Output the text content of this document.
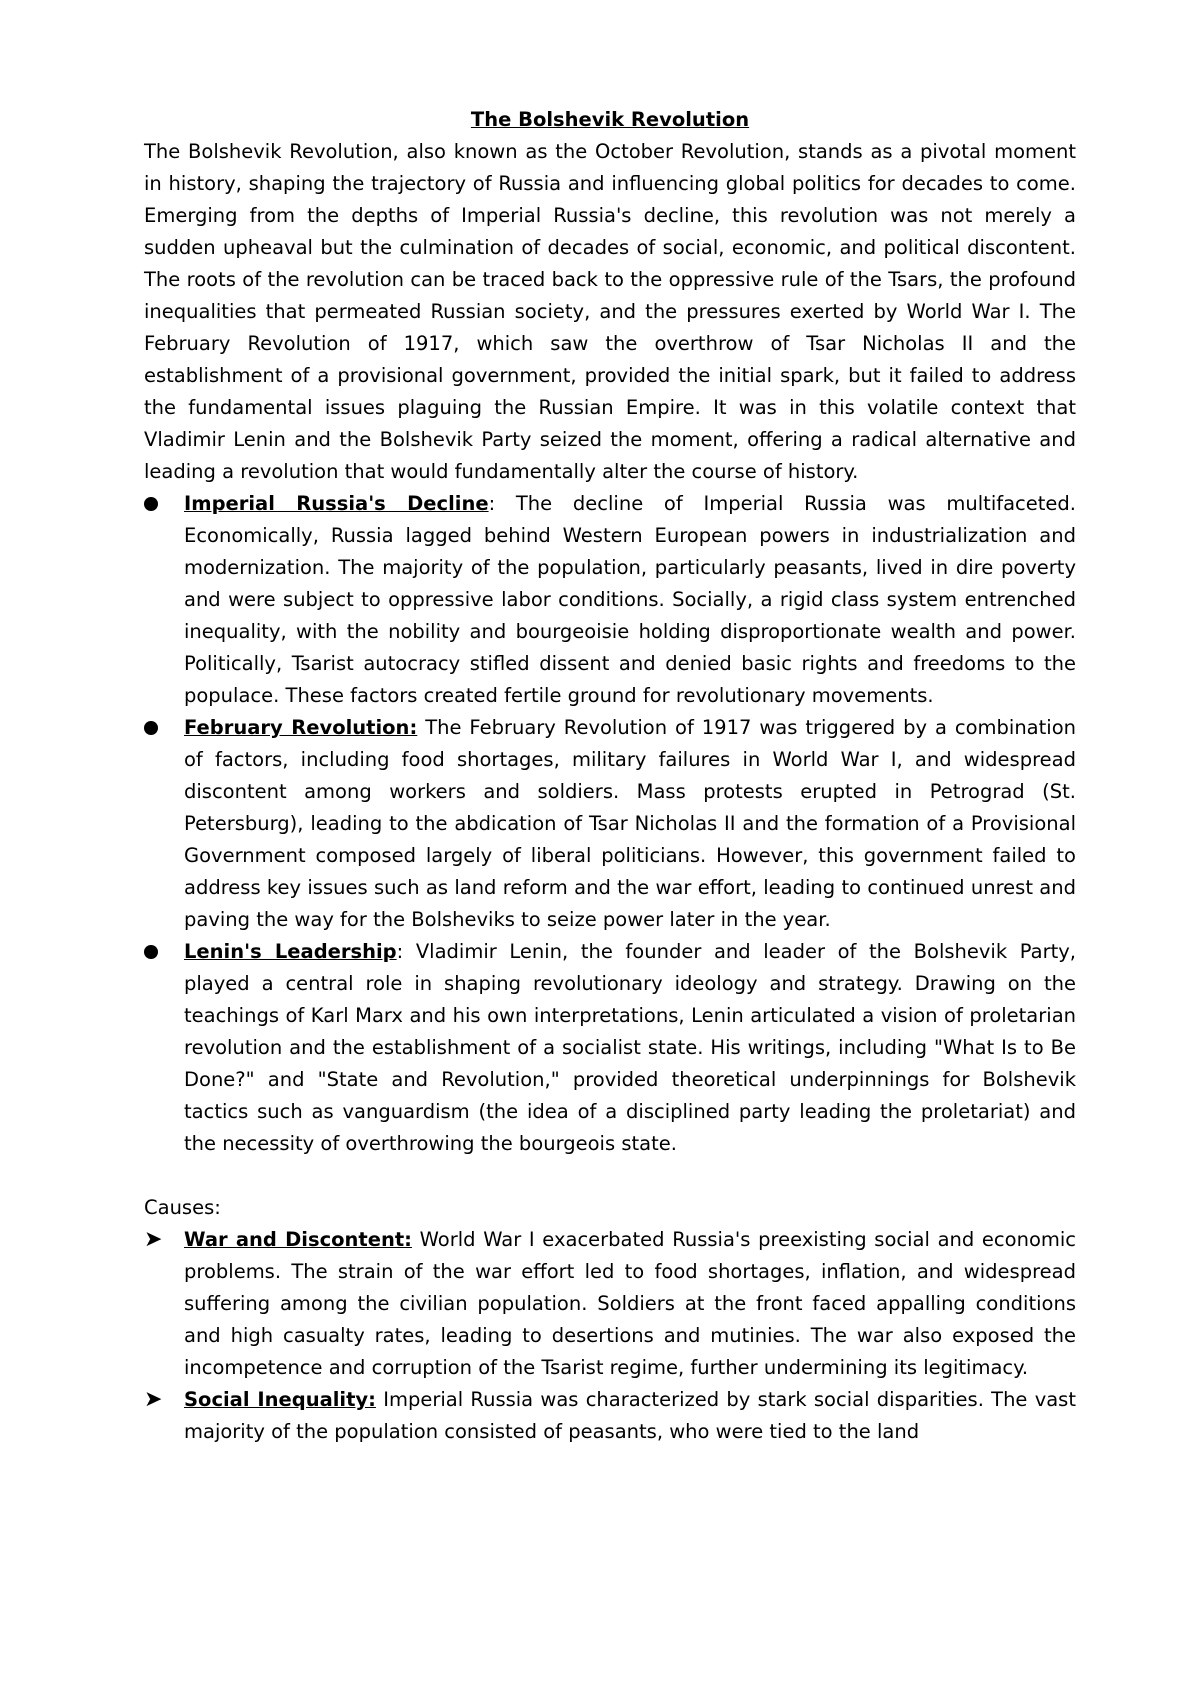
The Bolshevik Revolution

The Bolshevik Revolution, also known as the October Revolution, stands as a pivotal moment in history, shaping the trajectory of Russia and influencing global politics for decades to come. Emerging from the depths of Imperial Russia's decline, this revolution was not merely a sudden upheaval but the culmination of decades of social, economic, and political discontent. The roots of the revolution can be traced back to the oppressive rule of the Tsars, the profound inequalities that permeated Russian society, and the pressures exerted by World War I. The February Revolution of 1917, which saw the overthrow of Tsar Nicholas II and the establishment of a provisional government, provided the initial spark, but it failed to address the fundamental issues plaguing the Russian Empire. It was in this volatile context that Vladimir Lenin and the Bolshevik Party seized the moment, offering a radical alternative and leading a revolution that would fundamentally alter the course of history.

Imperial Russia's Decline: The decline of Imperial Russia was multifaceted. Economically, Russia lagged behind Western European powers in industrialization and modernization. The majority of the population, particularly peasants, lived in dire poverty and were subject to oppressive labor conditions. Socially, a rigid class system entrenched inequality, with the nobility and bourgeoisie holding disproportionate wealth and power. Politically, Tsarist autocracy stifled dissent and denied basic rights and freedoms to the populace. These factors created fertile ground for revolutionary movements.
February Revolution: The February Revolution of 1917 was triggered by a combination of factors, including food shortages, military failures in World War I, and widespread discontent among workers and soldiers. Mass protests erupted in Petrograd (St. Petersburg), leading to the abdication of Tsar Nicholas II and the formation of a Provisional Government composed largely of liberal politicians. However, this government failed to address key issues such as land reform and the war effort, leading to continued unrest and paving the way for the Bolsheviks to seize power later in the year.
Lenin's Leadership: Vladimir Lenin, the founder and leader of the Bolshevik Party, played a central role in shaping revolutionary ideology and strategy. Drawing on the teachings of Karl Marx and his own interpretations, Lenin articulated a vision of proletarian revolution and the establishment of a socialist state. His writings, including "What Is to Be Done?" and "State and Revolution," provided theoretical underpinnings for Bolshevik tactics such as vanguardism (the idea of a disciplined party leading the proletariat) and the necessity of overthrowing the bourgeois state.

Causes:

➤	War and Discontent: World War I exacerbated Russia's preexisting social and economic problems. The strain of the war effort led to food shortages, inflation, and widespread suffering among the civilian population. Soldiers at the front faced appalling conditions and high casualty rates, leading to desertions and mutinies. The war also exposed the incompetence and corruption of the Tsarist regime, further undermining its legitimacy.
➤	Social Inequality: Imperial Russia was characterized by stark social disparities. The vast majority of the population consisted of peasants, who were tied to the land
